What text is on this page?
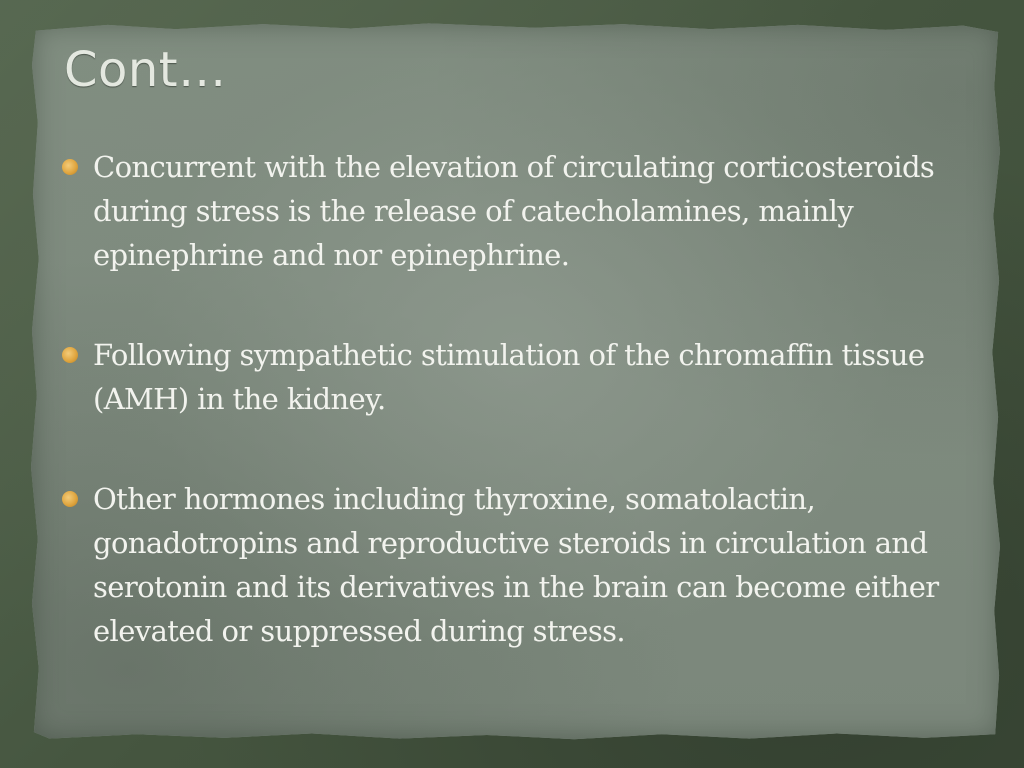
Cont…
Concurrent with the elevation of circulating corticosteroids during stress is the release of catecholamines, mainly epinephrine and nor epinephrine.
Following sympathetic stimulation of the chromaffin tissue (AMH) in the kidney.
Other hormones including thyroxine, somatolactin, gonadotropins and reproductive steroids in circulation and serotonin and its derivatives in the brain can become either elevated or suppressed during stress.
